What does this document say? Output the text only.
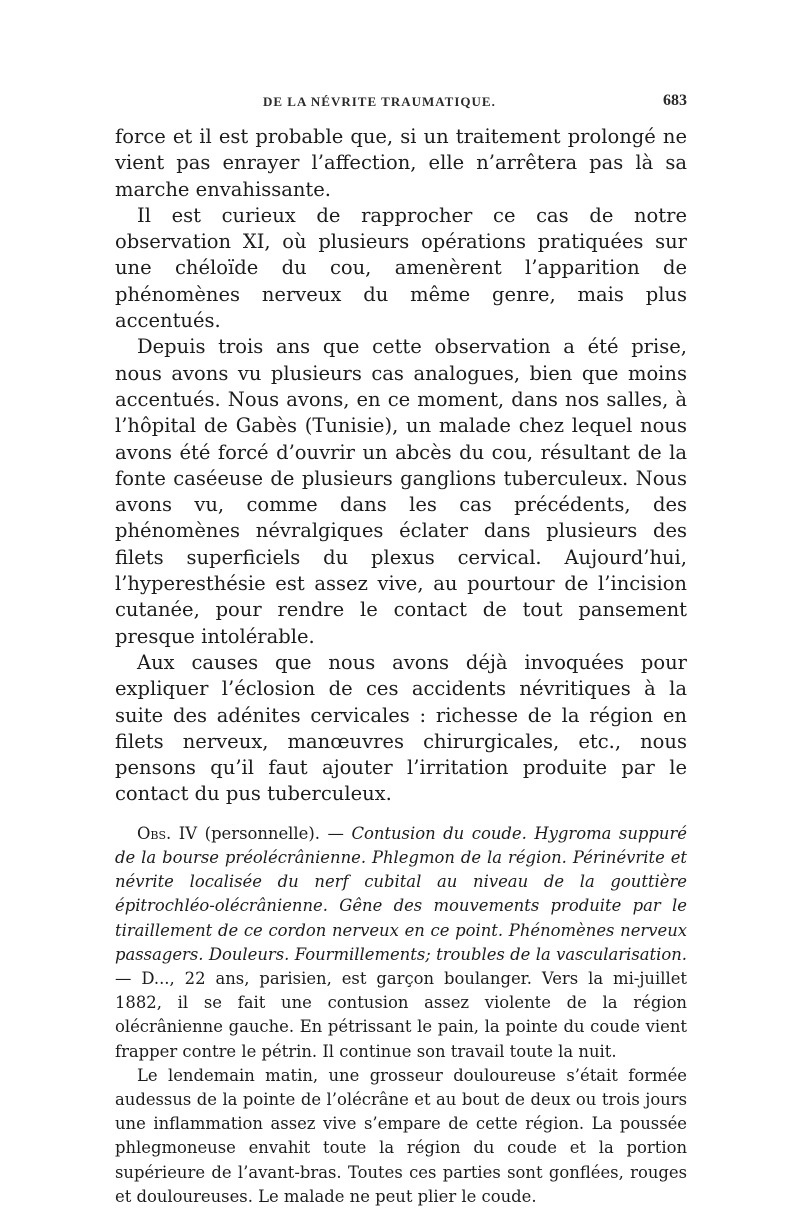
DE LA NÉVRITE TRAUMATIQUE.	683

force et il est probable que, si un traitement prolongé ne vient pas enrayer l’affection, elle n’arrêtera pas là sa marche envahissante.

Il est curieux de rapprocher ce cas de notre observation XI, où plusieurs opérations pratiquées sur une chéloïde du cou, amenèrent l’apparition de phénomènes nerveux du même genre, mais plus accentués.

Depuis trois ans que cette observation a été prise, nous avons vu plusieurs cas analogues, bien que moins accentués. Nous avons, en ce moment, dans nos salles, à l’hôpital de Gabès (Tunisie), un malade chez lequel nous avons été forcé d’ouvrir un abcès du cou, résultant de la fonte caséeuse de plusieurs ganglions tuberculeux. Nous avons vu, comme dans les cas précédents, des phénomènes névralgiques éclater dans plusieurs des filets superficiels du plexus cervical. Aujourd’hui, l’hyperesthésie est assez vive, au pourtour de l’incision cutanée, pour rendre le contact de tout pansement presque intolérable.

Aux causes que nous avons déjà invoquées pour expliquer l’éclosion de ces accidents névritiques à la suite des adénites cervicales : richesse de la région en filets nerveux, manœuvres chirurgicales, etc., nous pensons qu’il faut ajouter l’irritation produite par le contact du pus tuberculeux.

Obs. IV (personnelle). — Contusion du coude. Hygroma suppuré de la bourse préolécrânienne. Phlegmon de la région. Périnévrite et névrite localisée du nerf cubital au niveau de la gouttière épitrochléo-olécrânienne. Gêne des mouvements produite par le tiraillement de ce cordon nerveux en ce point. Phénomènes nerveux passagers. Douleurs. Fourmillements; troubles de la vascularisation. — D..., 22 ans, parisien, est garçon boulanger. Vers la mi-juillet 1882, il se fait une contusion assez violente de la région olécrânienne gauche. En pétrissant le pain, la pointe du coude vient frapper contre le pétrin. Il continue son travail toute la nuit.

Le lendemain matin, une grosseur douloureuse s’était formée audessus de la pointe de l’olécrâne et au bout de deux ou trois jours une inflammation assez vive s’empare de cette région. La poussée phlegmoneuse envahit toute la région du coude et la portion supérieure de l’avant-bras. Toutes ces parties sont gonflées, rouges et douloureuses. Le malade ne peut plier le coude.
